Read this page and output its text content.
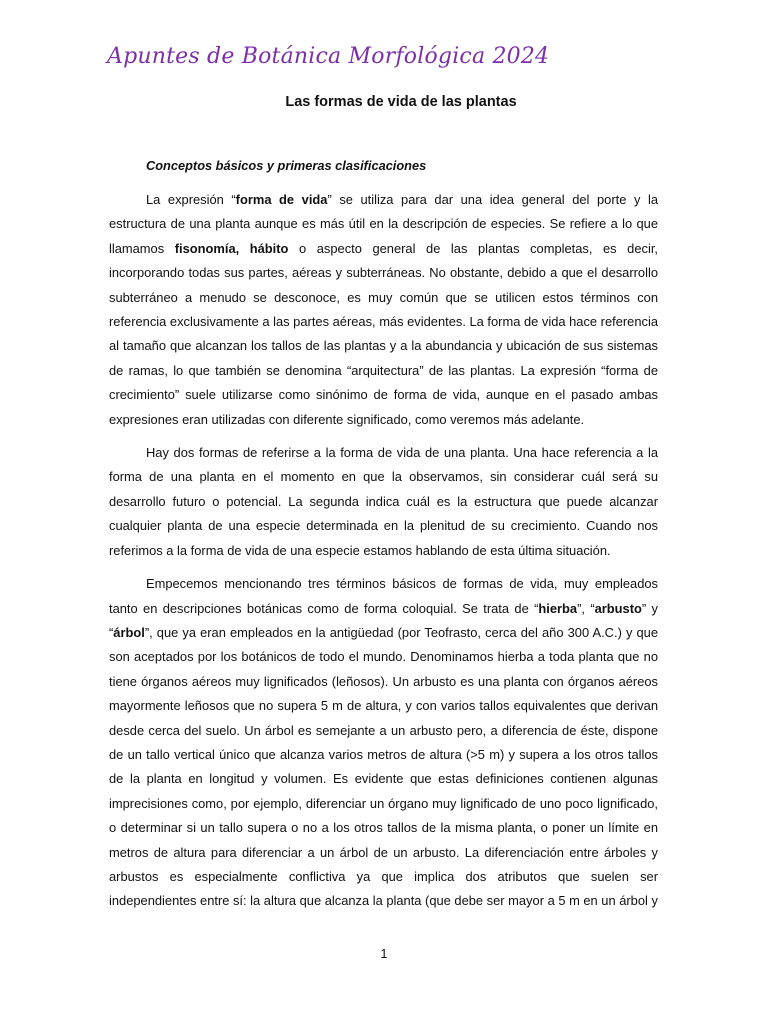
Apuntes de Botánica Morfológica 2024
Las formas de vida de las plantas
Conceptos básicos y primeras clasificaciones

La expresión “forma de vida” se utiliza para dar una idea general del porte y la estructura de una planta aunque es más útil en la descripción de especies. Se refiere a lo que llamamos fisonomía, hábito o aspecto general de las plantas completas, es decir, incorporando todas sus partes, aéreas y subterráneas. No obstante, debido a que el desarrollo subterráneo a menudo se desconoce, es muy común que se utilicen estos términos con referencia exclusivamente a las partes aéreas, más evidentes. La forma de vida hace referencia al tamaño que alcanzan los tallos de las plantas y a la abundancia y ubicación de sus sistemas de ramas, lo que también se denomina “arquitectura” de las plantas. La expresión “forma de crecimiento” suele utilizarse como sinónimo de forma de vida, aunque en el pasado ambas expresiones eran utilizadas con diferente significado, como veremos más adelante.

Hay dos formas de referirse a la forma de vida de una planta. Una hace referencia a la forma de una planta en el momento en que la observamos, sin considerar cuál será su desarrollo futuro o potencial. La segunda indica cuál es la estructura que puede alcanzar cualquier planta de una especie determinada en la plenitud de su crecimiento. Cuando nos referimos a la forma de vida de una especie estamos hablando de esta última situación.

Empecemos mencionando tres términos básicos de formas de vida, muy empleados tanto en descripciones botánicas como de forma coloquial. Se trata de “hierba”, “arbusto” y “árbol”, que ya eran empleados en la antigüedad (por Teofrasto, cerca del año 300 A.C.) y que son aceptados por los botánicos de todo el mundo. Denominamos hierba a toda planta que no tiene órganos aéreos muy lignificados (leñosos). Un arbusto es una planta con órganos aéreos mayormente leñosos que no supera 5 m de altura, y con varios tallos equivalentes que derivan desde cerca del suelo. Un árbol es semejante a un arbusto pero, a diferencia de éste, dispone de un tallo vertical único que alcanza varios metros de altura (>5 m) y supera a los otros tallos de la planta en longitud y volumen. Es evidente que estas definiciones contienen algunas imprecisiones como, por ejemplo, diferenciar un órgano muy lignificado de uno poco lignificado, o determinar si un tallo supera o no a los otros tallos de la misma planta, o poner un límite en metros de altura para diferenciar a un árbol de un arbusto. La diferenciación entre árboles y arbustos es especialmente conflictiva ya que implica dos atributos que suelen ser independientes entre sí: la altura que alcanza la planta (que debe ser mayor a 5 m en un árbol y

1
